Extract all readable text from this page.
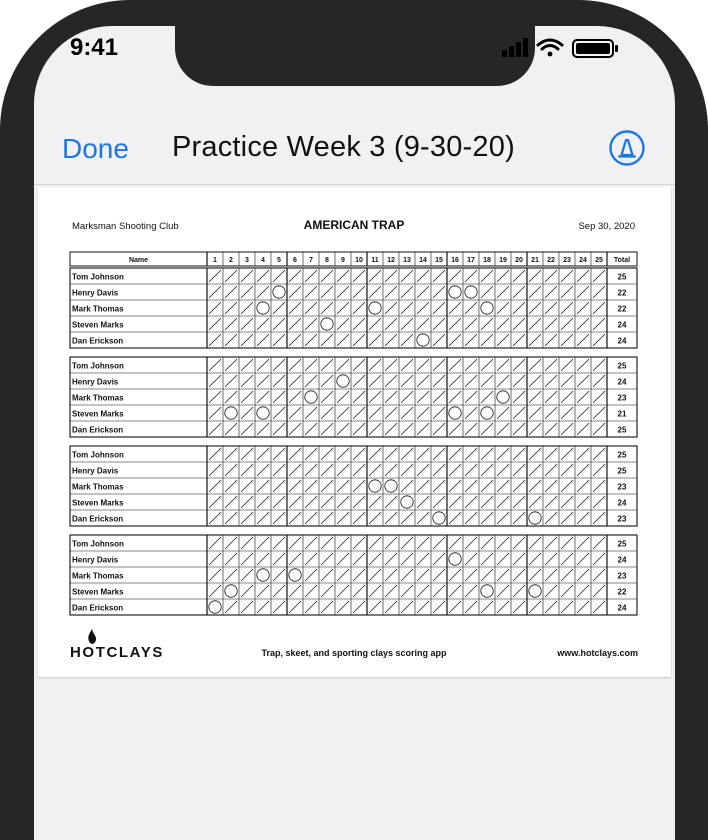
9:41
Done Practice Week 3 (9-30-20)
Marksman Shooting Club	AMERICAN TRAP	Sep 30, 2020
Name	1 2 3 4 5 6 7 8 9 10 11 12 13 14 15 16 17 18 19 20 21 22 23 24 25 Total
Tom Johnson	25
Henry Davis	22
Mark Thomas	22
Steven Marks	24
Dan Erickson	24
Tom Johnson	25
Henry Davis	24
Mark Thomas	23
Steven Marks	21
Dan Erickson	25
Tom Johnson	25
Henry Davis	25
Mark Thomas	23
Steven Marks	24
Dan Erickson	23
Tom Johnson	25
Henry Davis	24
Mark Thomas	23
Steven Marks	22
Dan Erickson	24
HOTCLAYS	Trap, skeet, and sporting clays scoring app	www.hotclays.com
